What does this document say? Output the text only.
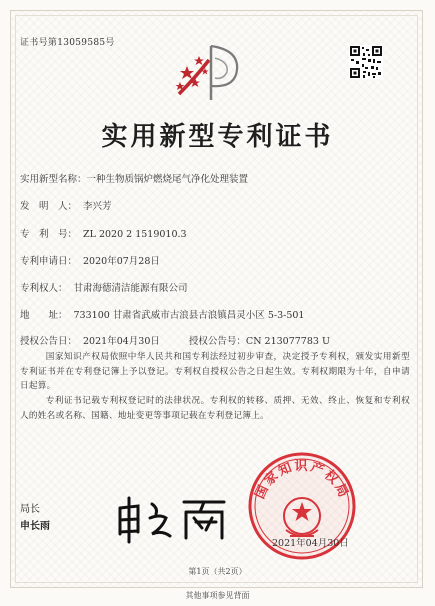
证书号第13059585号
实用新型专利证书
实用新型名称：一种生物质锅炉燃烧尾气净化处理装置
发　明　人： 李兴芳
专　利　号： ZL 2020 2 1519010.3
专利申请日： 2020年07月28日
专利权人： 甘肃海德清洁能源有限公司
地　　址： 733100 甘肃省武威市古浪县古浪镇昌灵小区 5-3-501
授权公告日： 2021年04月30日	授权公告号：CN 213077783 U
国家知识产权局依照中华人民共和国专利法经过初步审查，决定授予专利权，颁发实用新型专利证书并在专利登记簿上予以登记。专利权自授权公告之日起生效。专利权期限为十年，自申请日起算。
专利证书记载专利权登记时的法律状况。专利权的转移、质押、无效、终止、恢复和专利权人的姓名或名称、国籍、地址变更等事项记载在专利登记簿上。
局长
申长雨
国家知识产权局
2021年04月30日
第1页（共2页）
其他事项参见背面
